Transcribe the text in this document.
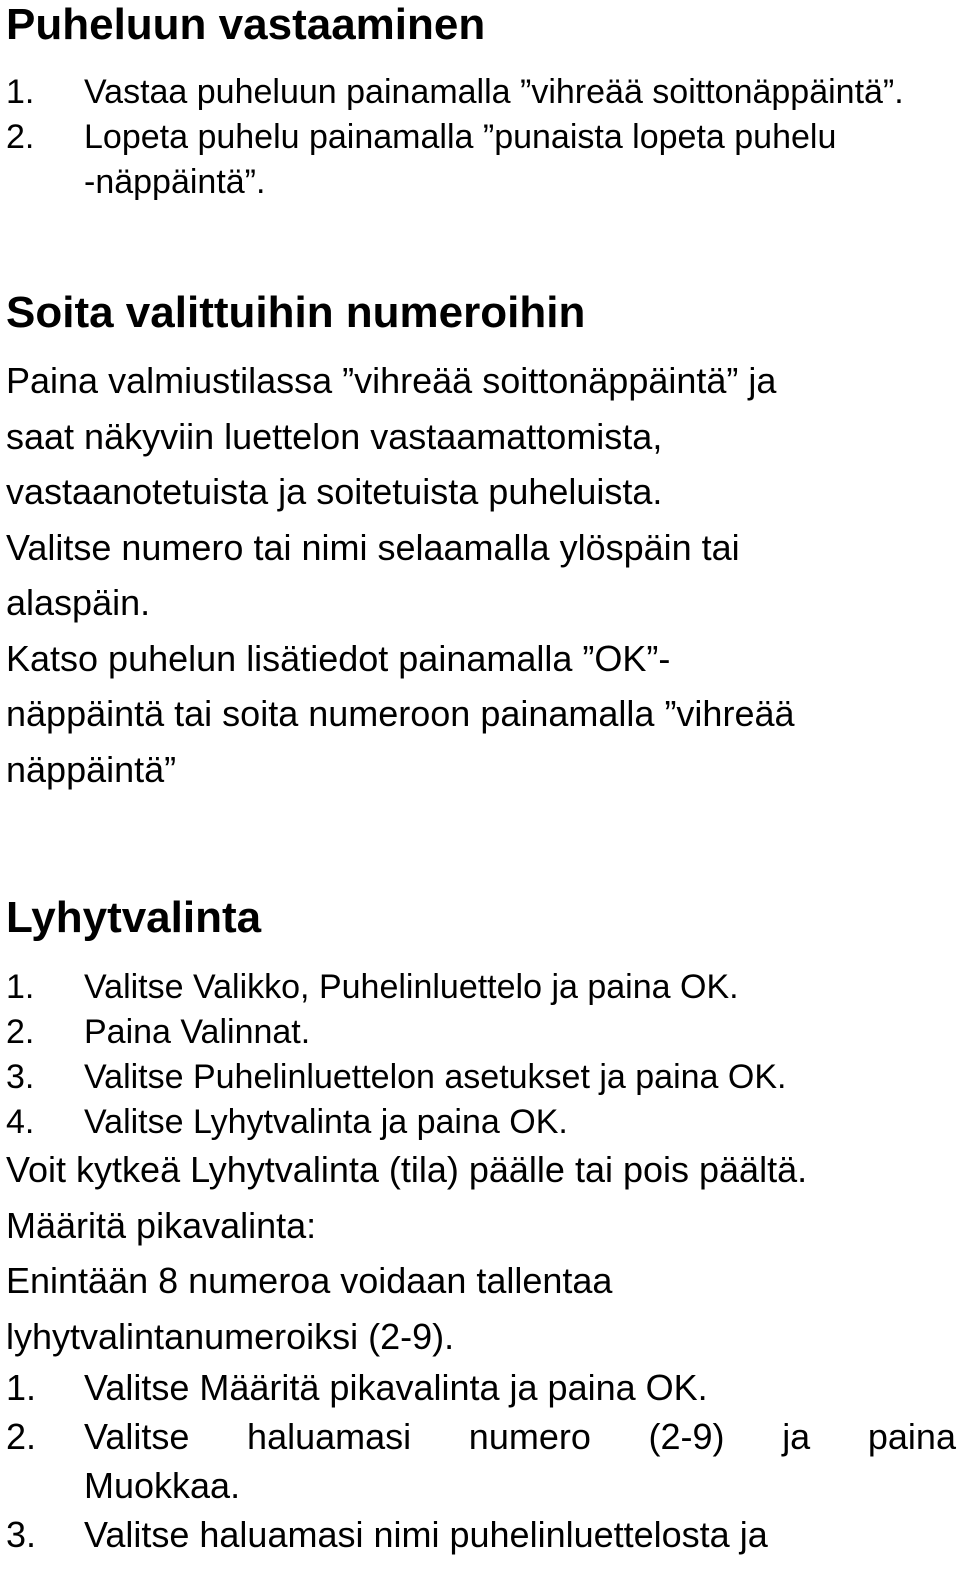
Puheluun vastaaminen
1. Vastaa puheluun painamalla ”vihreää soittonäppäintä”.
2. Lopeta puhelu painamalla ”punaista lopeta puhelu
-näppäintä”.
Soita valittuihin numeroihin

Paina valmiustilassa ”vihreää soittonäppäintä” ja
saat näkyviin luettelon vastaamattomista,
vastaanotetuista ja soitetuista puheluista.
Valitse numero tai nimi selaamalla ylöspäin tai
alaspäin.
Katso puhelun lisätiedot painamalla ”OK”-
näppäintä tai soita numeroon painamalla ”vihreää
näppäintä”

Lyhytvalinta
1. Valitse Valikko, Puhelinluettelo ja paina OK.
2. Paina Valinnat.
3. Valitse Puhelinluettelon asetukset ja paina OK.
4. Valitse Lyhytvalinta ja paina OK.

Voit kytkeä Lyhytvalinta (tila) päälle tai pois päältä.
Määritä pikavalinta:
Enintään 8 numeroa voidaan tallentaa
lyhytvalintanumeroiksi (2-9).

1. Valitse Määritä pikavalinta ja paina OK.
2. Valitse haluamasi numero (2-9) ja paina
Muokkaa.
3. Valitse haluamasi nimi puhelinluettelosta ja
